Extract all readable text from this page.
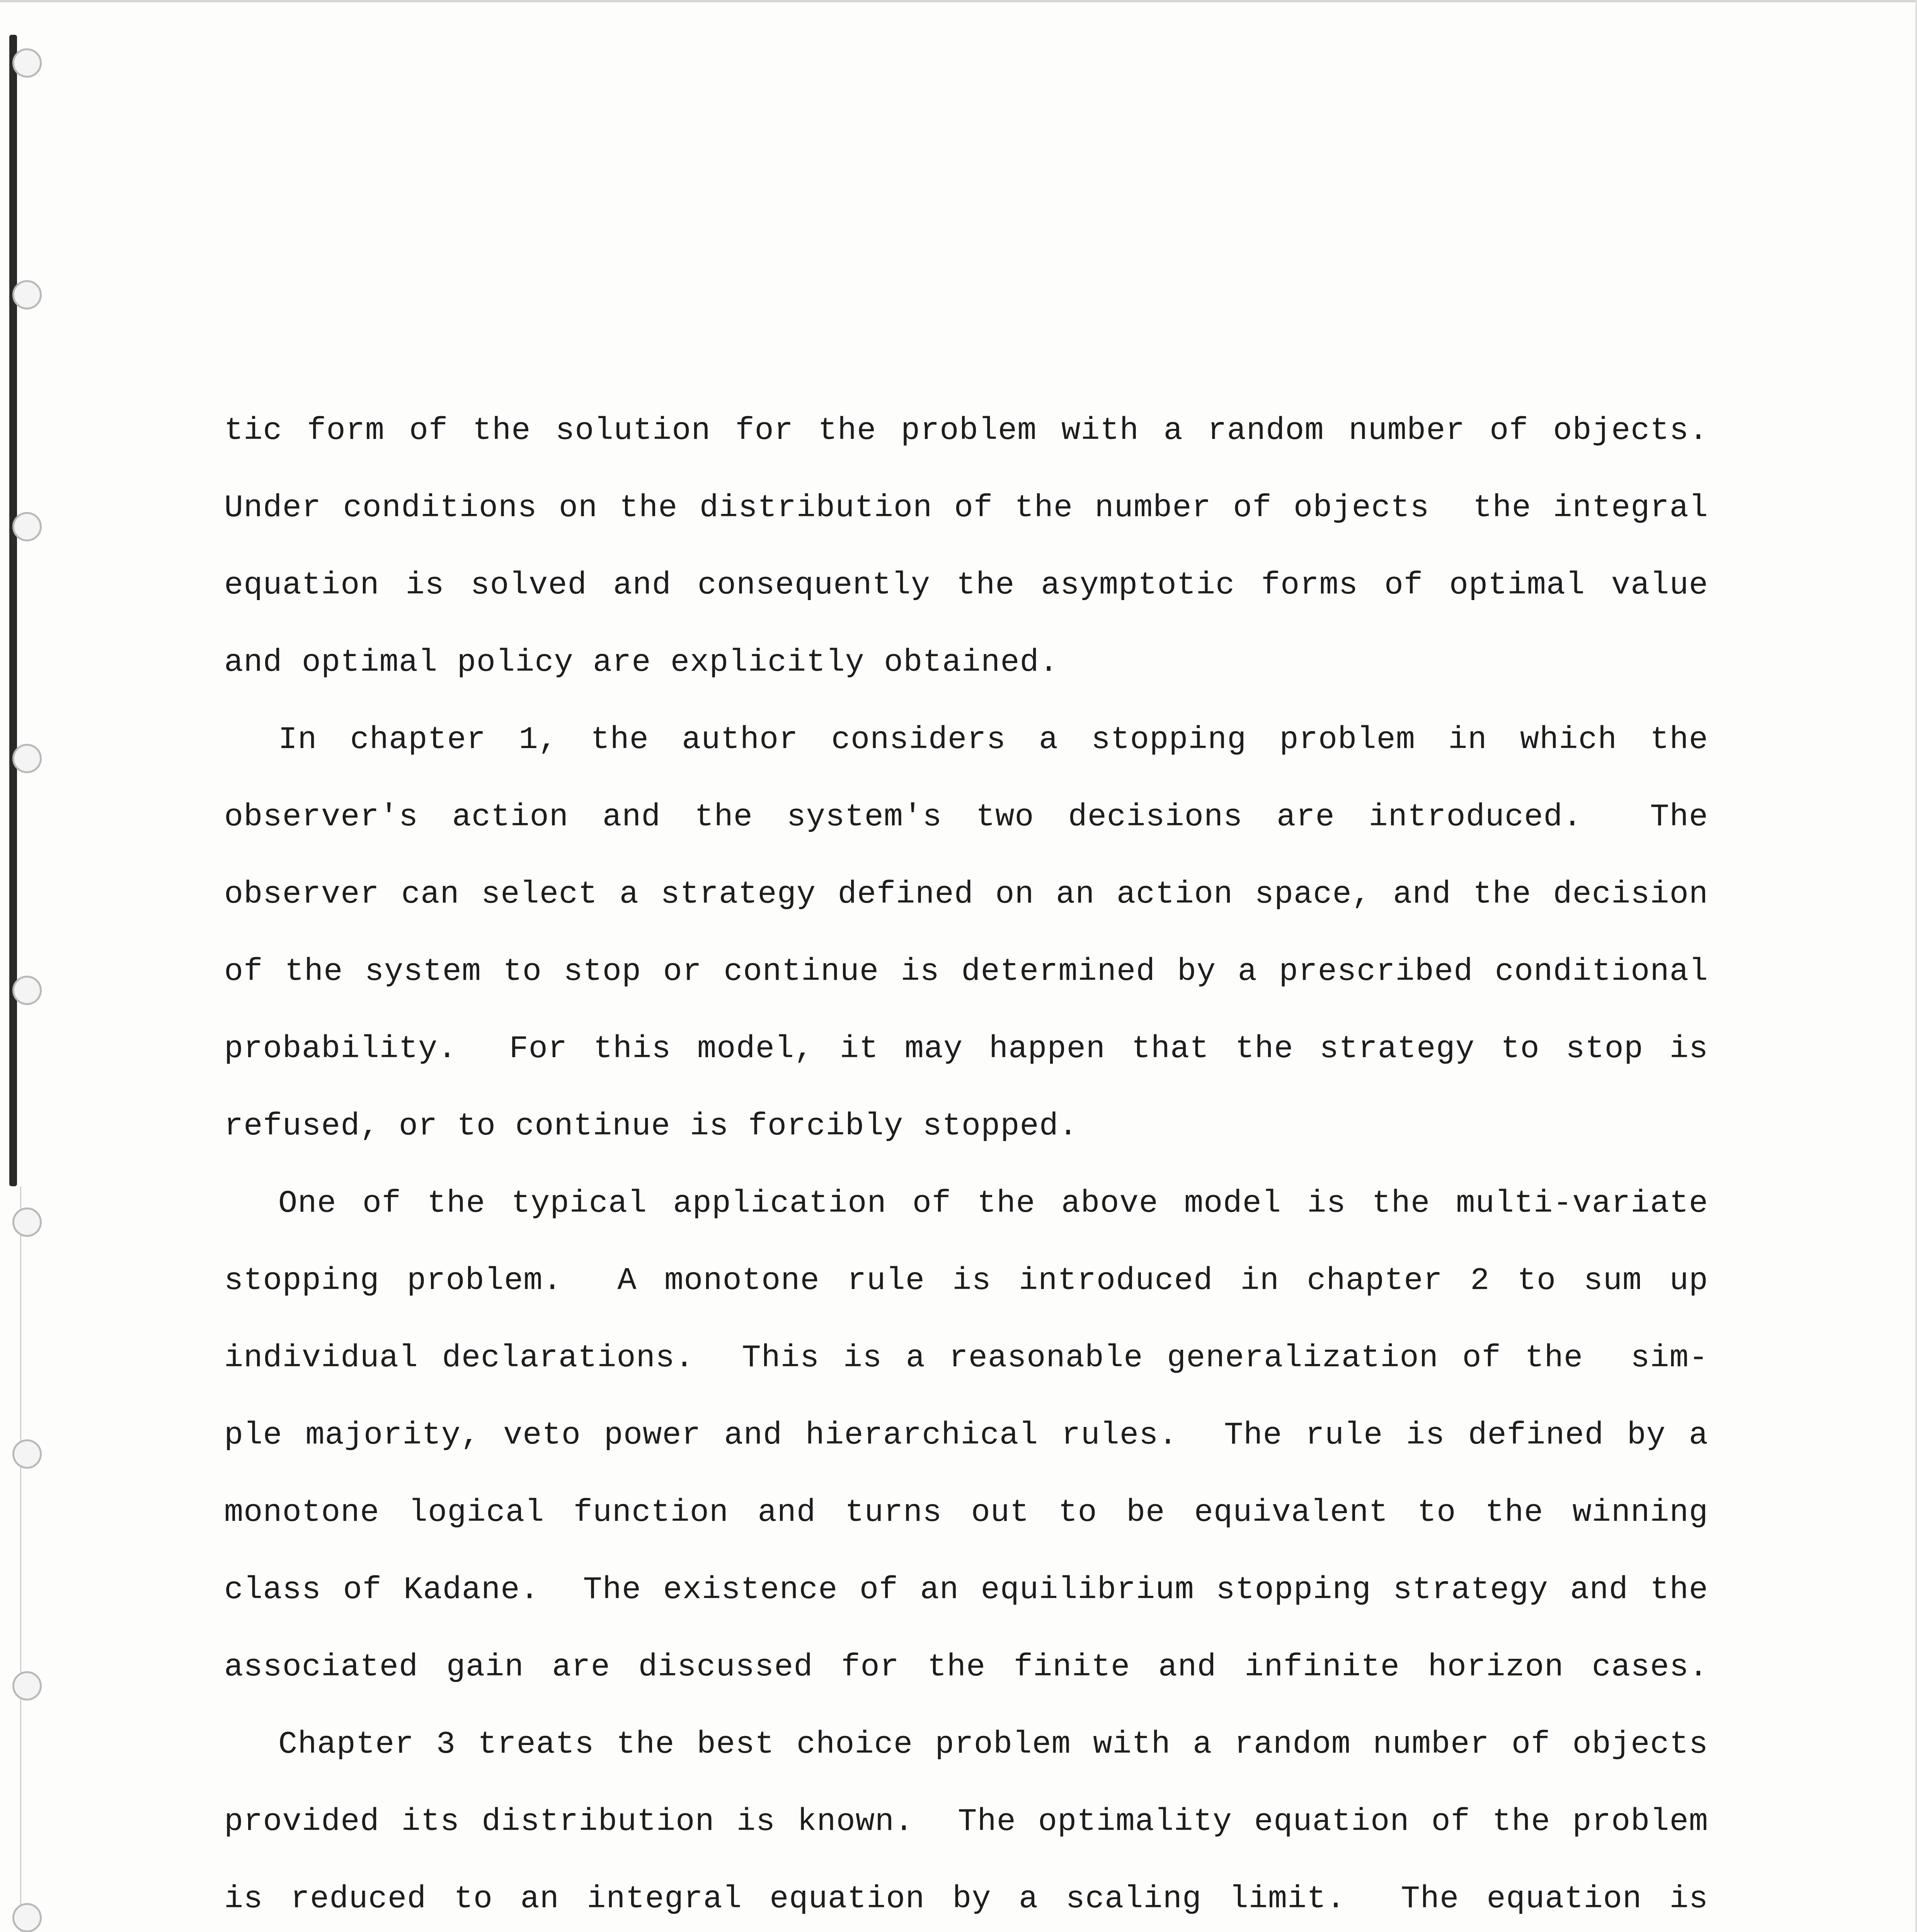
tic form of the solution for the problem with a random number of objects.
Under conditions on the distribution of the number of objects  the integral
equation is solved and consequently the asymptotic forms of optimal value
and optimal policy are explicitly obtained.
In chapter 1, the author considers a stopping problem in which the
observer's action and the system's two decisions are introduced.  The
observer can select a strategy defined on an action space, and the decision
of the system to stop or continue is determined by a prescribed conditional
probability.  For this model, it may happen that the strategy to stop is
refused, or to continue is forcibly stopped.
One of the typical application of the above model is the multi-variate
stopping problem.  A monotone rule is introduced in chapter 2 to sum up
individual declarations.  This is a reasonable generalization of the  sim-
ple majority, veto power and hierarchical rules.  The rule is defined by a
monotone logical function and turns out to be equivalent to the winning
class of Kadane.  The existence of an equilibrium stopping strategy and the
associated gain are discussed for the finite and infinite horizon cases.
Chapter 3 treats the best choice problem with a random number of objects
provided its distribution is known.  The optimality equation of the problem
is reduced to an integral equation by a scaling limit.  The equation is
